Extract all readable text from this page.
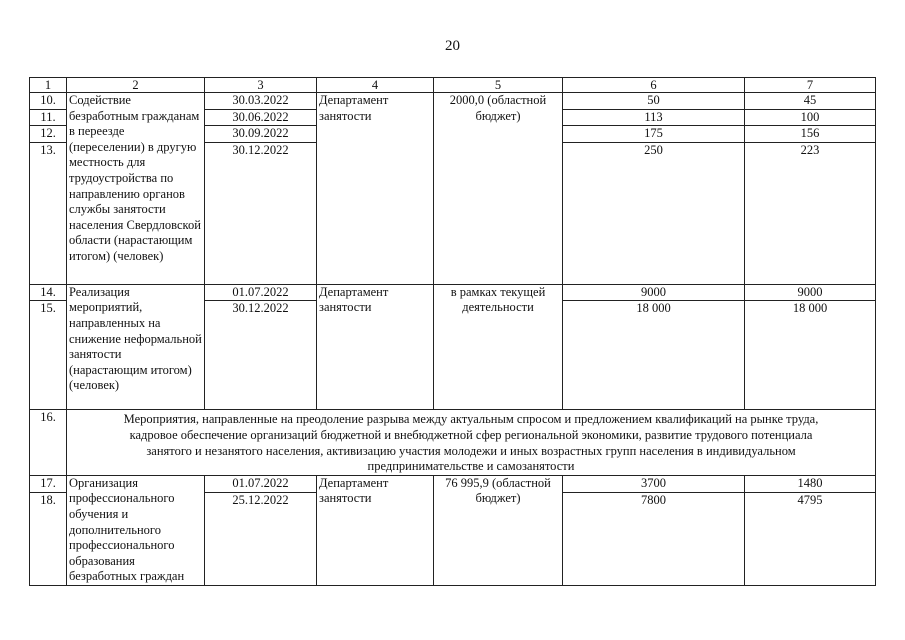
20
1	2	3	4	5	6	7
10.	Содействие безработным гражданам в переезде (переселении) в другую местность для трудоустройства по направлению органов службы занятости населения Свердловской области (нарастающим итогом) (человек)	30.03.2022	Департамент занятости	2000,0 (областной бюджет)	50	45
11.		30.06.2022			113	100
12.		30.09.2022			175	156
13.		30.12.2022			250	223
14.	Реализация мероприятий, направленных на снижение неформальной занятости (нарастающим итогом) (человек)	01.07.2022	Департамент занятости	в рамках текущей деятельности	9000	9000
15.		30.12.2022			18 000	18 000
16.	Мероприятия, направленные на преодоление разрыва между актуальным спросом и предложением квалификаций на рынке труда, кадровое обеспечение организаций бюджетной и внебюджетной сфер региональной экономики, развитие трудового потенциала занятого и незанятого населения, активизацию участия молодежи и иных возрастных групп населения в индивидуальном предпринимательстве и самозанятости					
17.	Организация профессионального обучения и дополнительного профессионального образования безработных граждан	01.07.2022	Департамент занятости	76 995,9 (областной бюджет)	3700	1480
18.		25.12.2022			7800	4795
